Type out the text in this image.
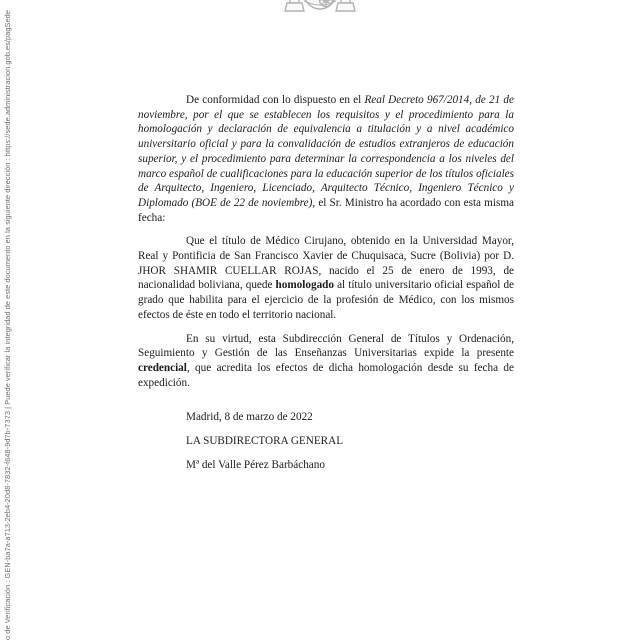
o de Verificación : GEN-ba7a-a713-2eb4-20d8-7832-f648-9d7b-7373 | Puede verificar la integridad de este documento en la siguiente dirección : https://sede.administracion.gob.es/pagSede	De conformidad con lo dispuesto en el Real Decreto 967/2014, de 21 de noviembre, por el que se establecen los requisitos y el procedimiento para la homologación y declaración de equivalencia a titulación y a nivel académico universitario oficial y para la convalidación de estudios extranjeros de educación superior, y el procedimiento para determinar la correspondencia a los niveles del marco español de cualificaciones para la educación superior de los títulos oficiales de Arquitecto, Ingeniero, Licenciado, Arquitecto Técnico, Ingeniero Técnico y Diplomado (BOE de 22 de noviembre), el Sr. Ministro ha acordado con esta misma fecha:

Que el título de Médico Cirujano, obtenido en la Universidad Mayor, Real y Pontificia de San Francisco Xavier de Chuquisaca, Sucre (Bolivia) por D. JHOR SHAMIR CUELLAR ROJAS, nacido el 25 de enero de 1993, de nacionalidad boliviana, quede homologado al título universitario oficial español de grado que habilita para el ejercicio de la profesión de Médico, con los mismos efectos de éste en todo el territorio nacional.

En su virtud, esta Subdirección General de Títulos y Ordenación, Seguimiento y Gestión de las Enseñanzas Universitarias expide la presente credencial, que acredita los efectos de dicha homologación desde su fecha de expedición.

Madrid, 8 de marzo de 2022

LA SUBDIRECTORA GENERAL

Mª del Valle Pérez Barbáchano
